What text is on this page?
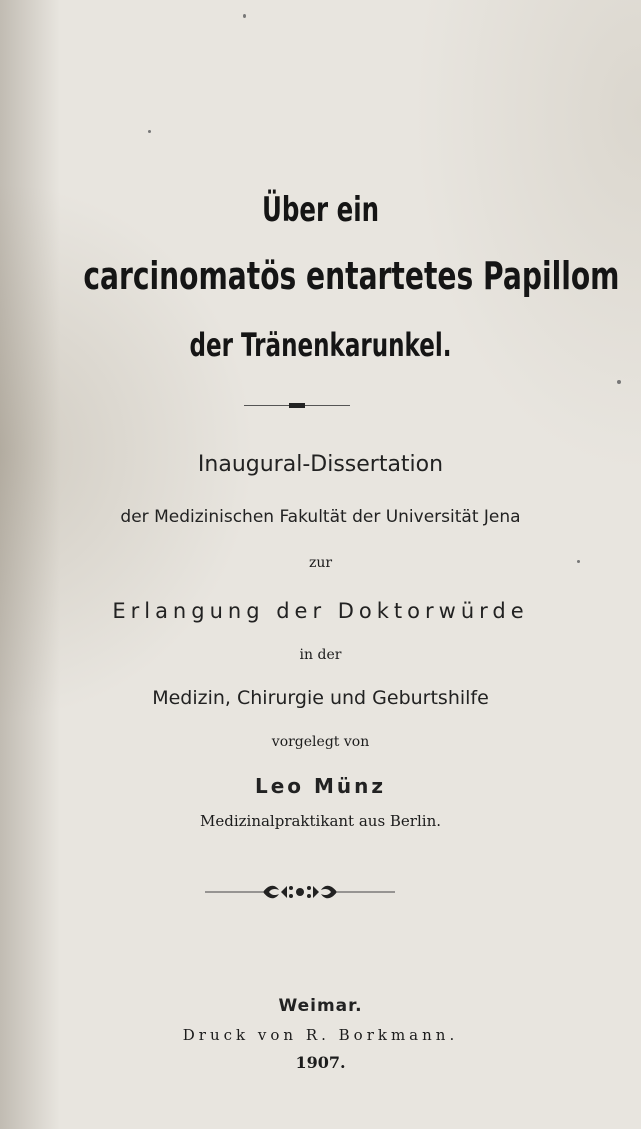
Über ein
carcinomatös entartetes Papillom
der Tränenkarunkel.
Inaugural-Dissertation
der Medizinischen Fakultät der Universität Jena
zur
Erlangung der Doktorwürde
in der
Medizin, Chirurgie und Geburtshilfe
vorgelegt von
Leo Münz
Medizinalpraktikant aus Berlin.
Weimar.
Druck von R. Borkmann.
1907.
